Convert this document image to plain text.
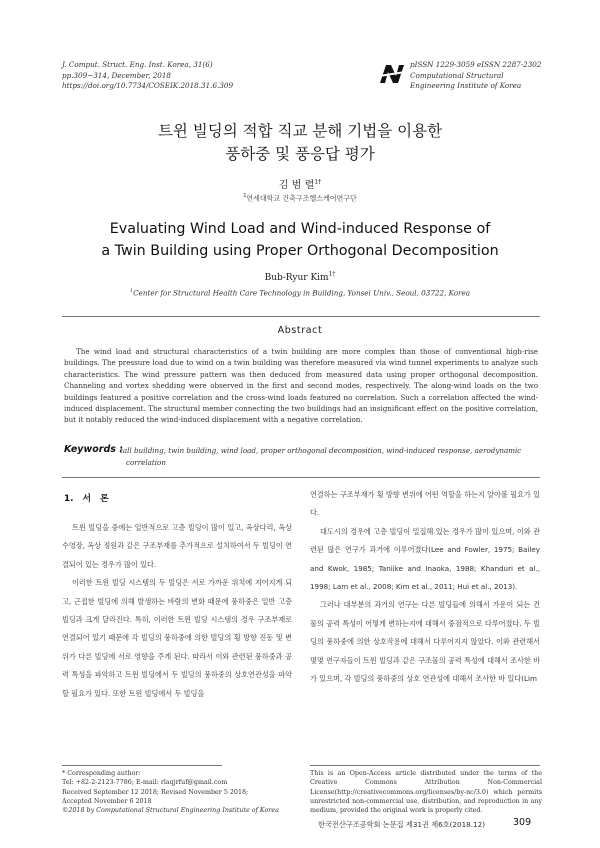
J. Comput. Struct. Eng. Inst. Korea, 31(6)
pp.309~314, December, 2018
https://doi.org/10.7734/COSEIK.2018.31.6.309
pISSN 1229-3059 eISSN 2287-2302
Computational Structural
Engineering Institute of Korea
트윈 빌딩의 적합 직교 분해 기법을 이용한
풍하중 및 풍응답 평가
김 범 렬$^{1\dagger}$
$^1$연세대학교 건축구조헬스케어연구단
Evaluating Wind Load and Wind-induced Response of
a Twin Building using Proper Orthogonal Decomposition
Bub-Ryur Kim$^{1\dagger}$
$^1$Center for Structural Health Care Technology in Building, Yonsei Univ., Seoul, 03722, Korea
Abstract
The wind load and structural characteristics of a twin building are more complex than those of conventional high-rise buildings. The pressure load due to wind on a twin building was therefore measured via wind tunnel experiments to analyze such characteristics. The wind pressure pattern was then deduced from measured data using proper orthogonal decomposition. Channeling and vortex shedding were observed in the first and second modes, respectively. The along-wind loads on the two buildings featured a positive correlation and the cross-wind loads featured no correlation. Such a correlation affected the wind-induced displacement. The structural member connecting the two buildings had an insignificant effect on the positive correlation, but it notably reduced the wind-induced displacement with a negative correlation.
Keywords :
tall building, twin building, wind load, proper orthogonal decomposition, wind-induced response, aerodynamic correlation
1. 서 론

트윈 빌딩을 중에는 일반적으로 고층 빌딩이 많이 있고, 옥상다리, 옥상 수영장, 옥상 정원과 같은 구조부재를 추가적으로 설치하여서 두 빌딩이 연결되어 있는 경우가 많이 있다.

이러한 트윈 빌딩 시스템의 두 빌딩은 서로 가까운 위치에 지어지게 되고, 근접한 빌딩에 의해 발생하는 바람의 변화 때문에 풍하중은 일반 고층 빌딩과 크게 달라진다. 특히, 이러한 트윈 빌딩 시스템의 경우 구조부재로 연결되어 있기 때문에 각 빌딩의 풍하중에 의한 빌딩의 횡 방향 진동 및 변위가 다른 빌딩에 서로 영향을 주게 된다. 따라서 이와 관련된 풍하중과 공력 특성을 파악하고 트윈 빌딩에서 두 빌딩의 풍하중의 상호연관성을 파악할 필요가 있다. 또한 트윈 빌딩에서 두 빌딩을

연결하는 구조부재가 횡 방향 변위에 어떤 역할을 하는지 알아볼 필요가 있다.

대도시의 경우에 고층 빌딩이 밀집해 있는 경우가 많이 있으며, 이와 관련된 많은 연구가 과거에 이루어졌다(Lee and Fowler, 1975; Bailey and Kwok, 1985; Taniike and Inaoka, 1988; Khanduri et al., 1998; Lam et al., 2008; Kim et al., 2011; Hui et al., 2013).

그러나 대부분의 과거의 연구는 다른 빌딩들에 의해서 가운이 되는 건물의 공력 특성이 어떻게 변하는지에 대해서 중점적으로 다루어졌다. 두 빌딩의 풍하중에 의한 상호작용에 대해서 다루어지지 않았다. 이와 관련해서 몇몇 연구자들이 트윈 빌딩과 같은 구조물의 공력 특성에 대해서 조사한 바가 있으며, 각 빌딩의 풍하중의 상호 연관성에 대해서 조사한 바 있다(Lim

* Corresponding author:
Tel: +82-2-2123-7786; E-mail: rlaqjrfuf@gmail.com
Received September 12 2018; Revised November 5 2018;
Accepted November 6 2018
©2018 by Computational Structural Engineering Institute of Korea
This is an Open-Access article distributed under the terms of the Creative Commons Attribution Non-Commercial License(http://creativecommons.org/licenses/by-nc/3.0) which permits unrestricted non-commercial use, distribution, and reproduction in any medium, provided the original work is properly cited.
한국전산구조공학회 논문집 제31권 제6호(2018.12)	309
